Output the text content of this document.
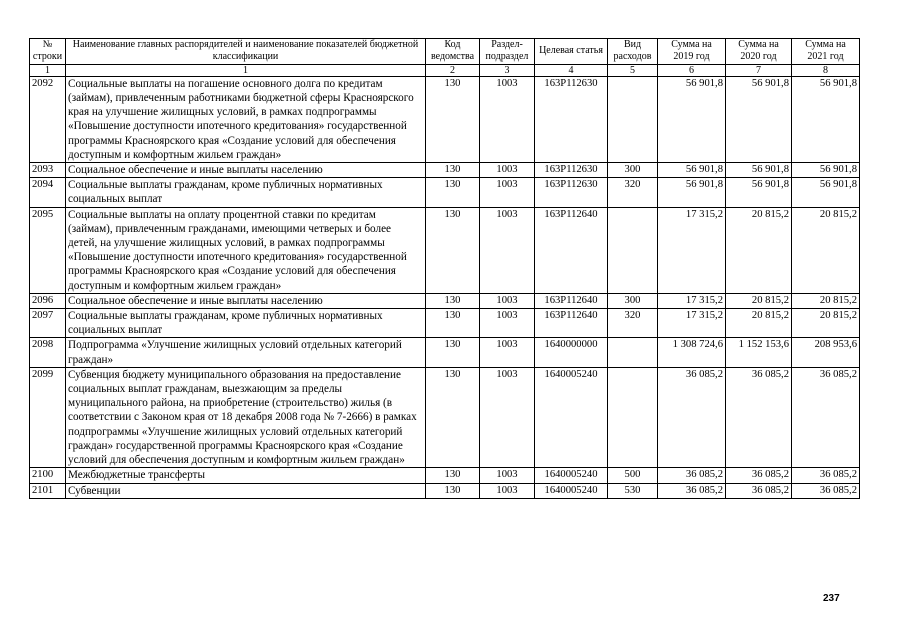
№ строки	Наименование главных распорядителей и наименование показателей бюджетной классификации	Код ведомства	Раздел-подраздел	Целевая статья	Вид расходов	Сумма на 2019 год	Сумма на 2020 год	Сумма на 2021 год
1	1	2	3	4	5	6	7	8
2092	Социальные выплаты на погашение основного долга по кредитам (займам), привлеченным работниками бюджетной сферы Красноярского края на улучшение жилищных условий, в рамках подпрограммы «Повышение доступности ипотечного кредитования» государственной программы Красноярского края «Создание условий для обеспечения доступным и комфортным жильем граждан»	130	1003	163Р112630		56 901,8	56 901,8	56 901,8
2093	Социальное обеспечение и иные выплаты населению	130	1003	163Р112630	300	56 901,8	56 901,8	56 901,8
2094	Социальные выплаты гражданам, кроме публичных нормативных социальных выплат	130	1003	163Р112630	320	56 901,8	56 901,8	56 901,8
2095	Социальные выплаты на оплату процентной ставки по кредитам (займам), привлеченным гражданами, имеющими четверых и более детей, на улучшение жилищных условий, в рамках подпрограммы «Повышение доступности ипотечного кредитования» государственной программы Красноярского края «Создание условий для обеспечения доступным и комфортным жильем граждан»	130	1003	163Р112640		17 315,2	20 815,2	20 815,2
2096	Социальное обеспечение и иные выплаты населению	130	1003	163Р112640	300	17 315,2	20 815,2	20 815,2
2097	Социальные выплаты гражданам, кроме публичных нормативных социальных выплат	130	1003	163Р112640	320	17 315,2	20 815,2	20 815,2
2098	Подпрограмма «Улучшение жилищных условий отдельных категорий граждан»	130	1003	1640000000		1 308 724,6	1 152 153,6	208 953,6
2099	Субвенция бюджету муниципального образования на предоставление социальных выплат гражданам, выезжающим за пределы муниципального района, на приобретение (строительство) жилья (в соответствии с Законом края от 18 декабря 2008 года № 7-2666) в рамках подпрограммы «Улучшение жилищных условий отдельных категорий граждан» государственной программы Красноярского края «Создание условий для обеспечения доступным и комфортным жильем граждан»	130	1003	1640005240		36 085,2	36 085,2	36 085,2
2100	Межбюджетные трансферты	130	1003	1640005240	500	36 085,2	36 085,2	36 085,2
2101	Субвенции	130	1003	1640005240	530	36 085,2	36 085,2	36 085,2
237
